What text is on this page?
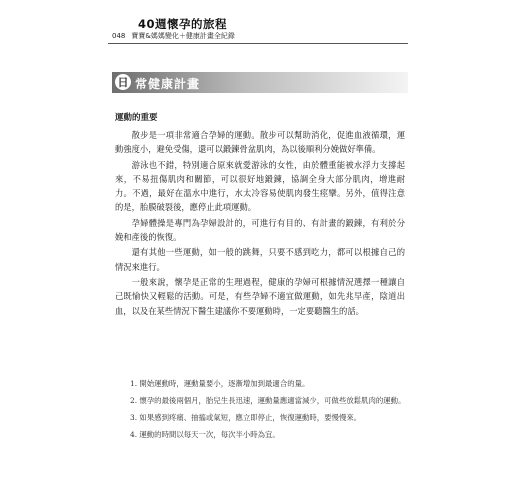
40週懷孕的旅程
048 寶寶&媽媽變化＋健康計畫全紀錄
日 常健康計畫
運動的重要

散步是一項非常適合孕婦的運動。散步可以幫助消化，促進血液循環，運動強度小，避免受傷，還可以鍛鍊骨盆肌肉，為以後順利分娩做好準備。

游泳也不錯，特別適合原來就愛游泳的女性，由於體重能被水浮力支撐起來，不易扭傷肌肉和關節，可以很好地鍛鍊，協調全身大部分肌肉，增進耐力。不過，最好在溫水中進行，水太冷容易使肌肉發生痙攣。另外，值得注意的是，胎膜破裂後，應停止此項運動。

孕婦體操是專門為孕婦設計的，可進行有目的、有計畫的鍛鍊，有利於分娩和產後的恢復。

還有其他一些運動，如一般的跳舞，只要不感到吃力，都可以根據自己的情況來進行。

一般來說，懷孕是正常的生理過程，健康的孕婦可根據情況選擇一種讓自己既愉快又輕鬆的活動。可是，有些孕婦不適宜做運動，如先兆早產，陰道出血，以及在某些情況下醫生建議你不要運動時，一定要聽醫生的話。

1. 開始運動時，運動量要小，逐漸增加到最適合的量。
2. 懷孕的最後兩個月，胎兒生長迅速，運動量應適當減少，可做些放鬆肌肉的運動。
3. 如果感到疼痛、抽搐或氣短，應立即停止，恢復運動時，要慢慢來。
4. 運動的時間以每天一次，每次半小時為宜。
